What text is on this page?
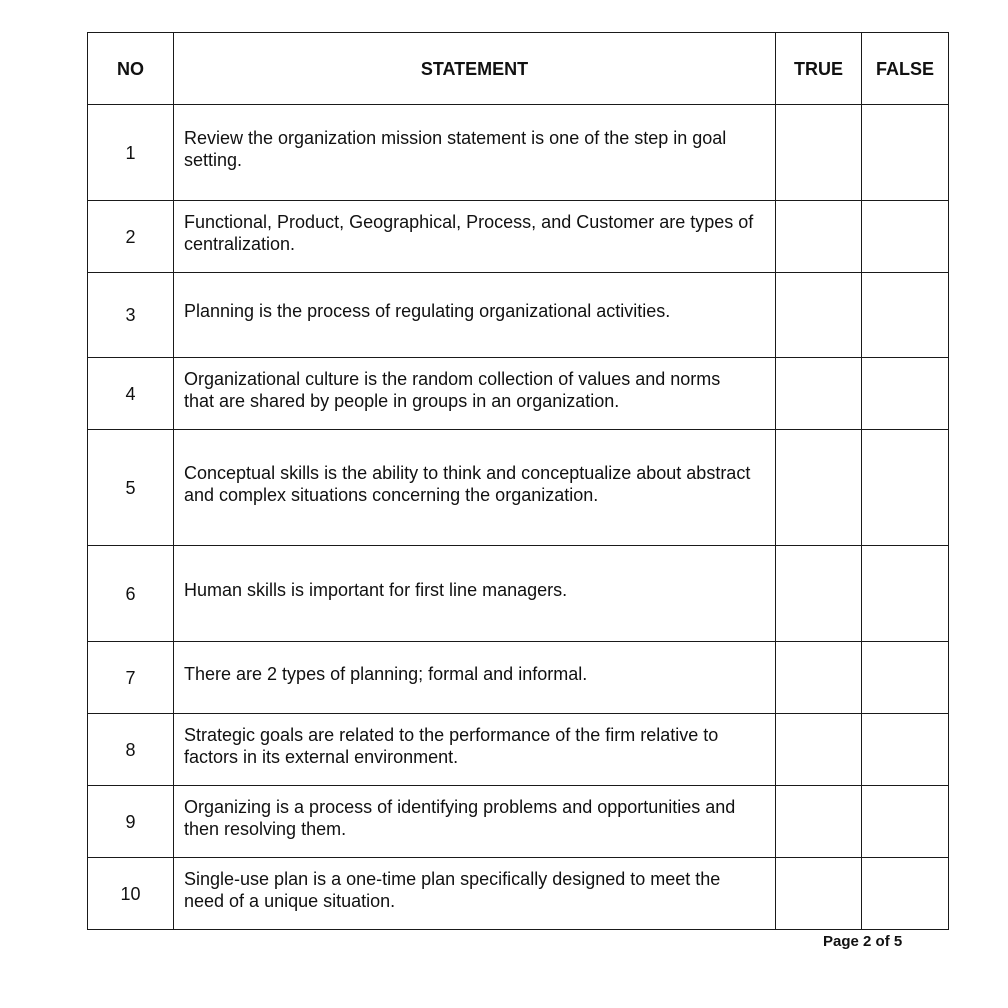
NO	STATEMENT	TRUE	FALSE
1	Review the organization mission statement is one of the step in goal setting.		

2	Functional, Product, Geographical, Process, and Customer are types of centralization.		

3	Planning is the process of regulating organizational activities.		

4	Organizational culture is the random collection of values and norms that are shared by people in groups in an organization.		

5	Conceptual skills is the ability to think and conceptualize about abstract and complex situations concerning the organization.		

6	Human skills is important for first line managers.		

7	There are 2 types of planning; formal and informal.		

8	Strategic goals are related to the performance of the firm relative to factors in its external environment.		

9	Organizing is a process of identifying problems and opportunities and then resolving them.		

10	Single-use plan is a one-time plan specifically designed to meet the need of a unique situation.		

Page 2 of 5
